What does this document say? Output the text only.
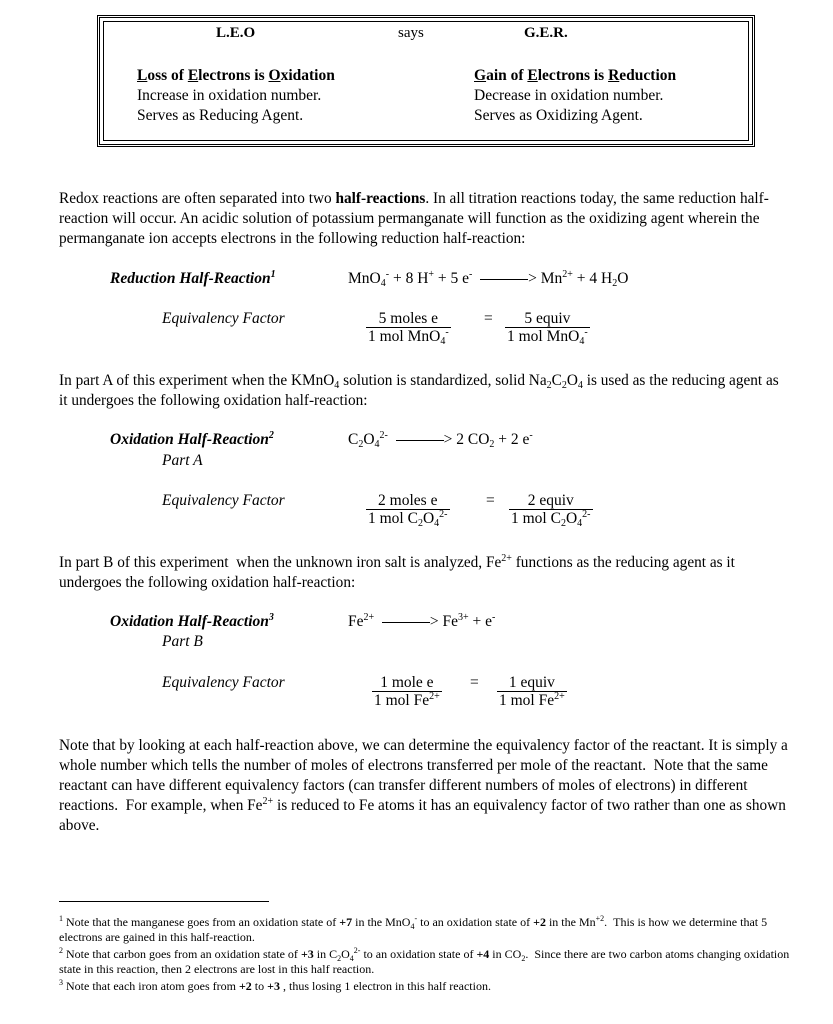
L.E.O	says	G.E.R.
Loss of Electrons is Oxidation
Increase in oxidation number.
Serves as Reducing Agent.
Gain of Electrons is Reduction
Decrease in oxidation number.
Serves as Oxidizing Agent.

Redox reactions are often separated into two half-reactions. In all titration reactions today, the same reduction half-reaction will occur. An acidic solution of potassium permanganate will function as the oxidizing agent wherein the permanganate ion accepts electrons in the following reduction half-reaction:

Reduction Half-Reaction$^1$	MnO$_4$- + 8 H+ + 5 e-	> $Mn^{2+} + 4$ $H_2O$
Equivalency Factor	5 moles e
1 mol MnO$_4$-
=	5 equiv
1 mol MnO$_4$-

In part A of this experiment when the KMnO$_4$ solution is standardized, solid $Na_2C_2O_4$ is used as the reducing agent as it undergoes the following oxidation half-reaction:

Oxidation Half-Reaction$^2$
Part A
$C_2O_4^{2-}$	> 2 $CO_2 + 2$ e-
Equivalency Factor	2 moles e
1 mol $C_2O_4^{2-}$
=	2 equiv
1 mol $C_2O_4^{2-}$

In part B of this experiment  when the unknown iron salt is analyzed, $Fe^{2+}$ functions as the reducing agent as it undergoes the following oxidation half-reaction:

Oxidation Half-Reaction$^3$
Part B
$Fe^{2+}$	> $Fe^{3+} + e^-$
Equivalency Factor	1 mole e
1 mol $Fe^{2+}$
=	1 equiv
1 mol $Fe^{2+}$

Note that by looking at each half-reaction above, we can determine the equivalency factor of the reactant. It is simply a whole number which tells the number of moles of electrons transferred per mole of the reactant.  Note that the same reactant can have different equivalency factors (can transfer different numbers of moles of electrons) in different reactions.  For example, when $Fe^{2+}$ is reduced to Fe atoms it has an equivalency factor of two rather than one as shown above.

$^1$ Note that the manganese goes from an oxidation state of +7 in the MnO$_4$- to an oxidation state of +2 in the $Mn^{+2}$.  This is how we determine that 5 electrons are gained in this half-reaction.

$^2$ Note that carbon goes from an oxidation state of +3 in $C_2O_4^{2-}$ to an oxidation state of +4 in $CO_2$.  Since there are two carbon atoms changing oxidation state in this reaction, then 2 electrons are lost in this half reaction.

$^3$ Note that each iron atom goes from +2 to +3 , thus losing 1 electron in this half reaction.
